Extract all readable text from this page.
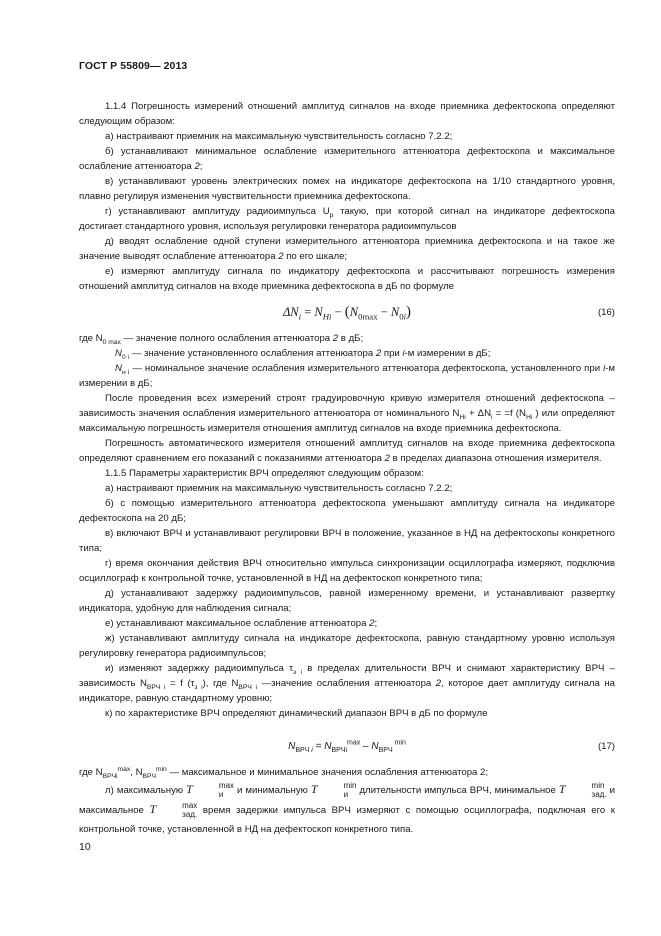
ГОСТ Р 55809— 2013

1.1.4 Погрешность измерений отношений амплитуд сигналов на входе приемника дефектоскопа определяют следующим образом:

а) настраивают приемник на максимальную чувствительность согласно 7.2.2;

б) устанавливают минимальное ослабление измерительного аттенюатора дефектоскопа и максимальное ослабление аттенюатора 2;

в) устанавливают уровень электрических помех на индикаторе дефектоскопа на 1/10 стандартного уровня, плавно регулируя изменения чувствительности приемника дефектоскопа.

г) устанавливают амплитуду радиоимпульса $U_р$ такую, при которой сигнал на индикаторе дефектоскопа достигает стандартного уровня, используя регулировки генератора радиоимпульсов

д) вводят ослабление одной ступени измерительного аттенюатора приемника дефектоскопа и на такое же значение выводят ослабление аттенюатора 2 по его шкале;

е) измеряют амплитуду сигнала по индикатору дефектоскопа и рассчитывают погрешность измерения отношений амплитуд сигналов на входе приемника дефектоскопа в дБ по формуле

$\Delta N_i = N_{Hi} - (N_{0max} - N_{0i})$	(16)

где $N_{0 max}$ — значение полного ослабления аттенюатора 2 в дБ;

$N_{0 i}$ — значение установленного ослабления аттенюатора 2 при i-м измерении в дБ;

$N_{н i}$ — номинальное значение ослабления измерительного аттенюатора дефектоскопа, установленного при i-м измерении в дБ;

После проведения всех измерений строят градуировочную кривую измерителя отношений дефектоскопа – зависимость значения ослабления измерительного аттенюатора от номинального $N_{Hi} + \Delta N_i = =f$ ($N_{Hi}$ ) или определяют максимальную погрешность измерителя отношения амплитуд сигналов на входе приемника дефектоскопа.

Погрешность автоматического измерителя отношений амплитуд сигналов на входе приемника дефектоскопа определяют сравнением его показаний с показаниями аттенюатора 2 в пределах диапазона отношения измерителя.

1.1.5 Параметры характеристик ВРЧ определяют следующим образом:

а) настраивают приемник на максимальную чувствительность согласно 7.2.2;

б) с помощью измерительного аттенюатора дефектоскопа уменьшают амплитуду сигнала на индикаторе дефектоскопа на 20 дБ;

в) включают ВРЧ и устанавливают регулировки ВРЧ в положение, указанное в НД на дефектоскопы конкретного типа;

г) время окончания действия ВРЧ относительно импульса синхронизации осциллографа измеряют, подключив осциллограф к контрольной точке, установленной в НД на дефектоскоп конкретного типа;

д) устанавливают задержку радиоимпульсов, равной измеренному времени, и устанавливают развертку индикатора, удобную для наблюдения сигнала;

е) устанавливают максимальное ослабление аттенюатора 2;

ж) устанавливают амплитуду сигнала на индикаторе дефектоскопа, равную стандартному уровню используя регулировку генератора радиоимпульсов;

и) изменяют задержку радиоимпульса $\tau_{з i}$ в пределах длительности ВРЧ и снимают характеристику ВРЧ – зависимость $N_{ВРЧ i} = f$ $(\tau_{з i})$, где $N_{ВРЧ i}$ —значение ослабления аттенюатора 2, которое дает амплитуду сигнала на индикаторе, равную стандартному уровню;

к) по характеристике ВРЧ определяют динамический диапазон ВРЧ в дБ по формуле

$N_{ВРЧ i} = N_{ВРЧi}^{max} - N_{ВРЧ}$ $^{min}$	(17)

где $N_{ВРЧi}^{max}$, $N_{ВРЧ}^{min}$ — максимальное и минимальное значения ослабления аттенюатора 2;

л) максимальную T	max
и	и минимальную T	min
и длительности импульса ВРЧ, минимальное T	min
зад. и максимальное T	max
зад. время задержки импульса ВРЧ измеряют с помощью осциллографа, подключая его к контрольной точке, установленной в НД на дефектоскоп конкретного типа.

10
